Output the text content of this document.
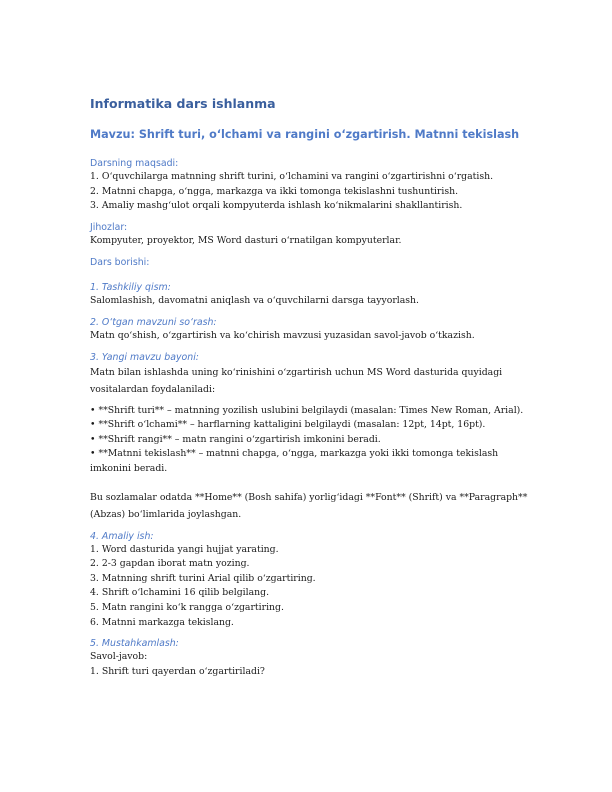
Informatika dars ishlanma
Mavzu: Shrift turi, oʻlchami va rangini oʻzgartirish. Matnni tekislash
Darsning maqsadi:

1. O‘quvchilarga matnning shrift turini, o‘lchamini va rangini o‘zgartirishni o‘rgatish.

2. Matnni chapga, o‘ngga, markazga va ikki tomonga tekislashni tushuntirish.

3. Amaliy mashg‘ulot orqali kompyuterda ishlash ko‘nikmalarini shakllantirish.

Jihozlar:

Kompyuter, proyektor, MS Word dasturi o‘rnatilgan kompyuterlar.

Dars borishi:
1. Tashkiliy qism:

Salomlashish, davomatni aniqlash va o‘quvchilarni darsga tayyorlash.

2. O‘tgan mavzuni so‘rash:

Matn qo‘shish, o‘zgartirish va ko‘chirish mavzusi yuzasidan savol-javob o‘tkazish.

3. Yangi mavzu bayoni:

Matn bilan ishlashda uning ko‘rinishini o‘zgartirish uchun MS Word dasturida quyidagi vositalardan foydalaniladi:

• **Shrift turi** – matnning yozilish uslubini belgilaydi (masalan: Times New Roman, Arial).

• **Shrift o‘lchami** – harflarning kattaligini belgilaydi (masalan: 12pt, 14pt, 16pt).

• **Shrift rangi** – matn rangini o‘zgartirish imkonini beradi.

• **Matnni tekislash** – matnni chapga, o‘ngga, markazga yoki ikki tomonga tekislash imkonini beradi.

Bu sozlamalar odatda **Home** (Bosh sahifa) yorlig‘idagi **Font** (Shrift) va **Paragraph** (Abzas) bo‘limlarida joylashgan.

4. Amaliy ish:

1. Word dasturida yangi hujjat yarating.

2. 2-3 gapdan iborat matn yozing.

3. Matnning shrift turini Arial qilib o‘zgartiring.

4. Shrift o‘lchamini 16 qilib belgilang.

5. Matn rangini ko‘k rangga o‘zgartiring.

6. Matnni markazga tekislang.

5. Mustahkamlash:

Savol-javob:

1. Shrift turi qayerdan o‘zgartiriladi?
